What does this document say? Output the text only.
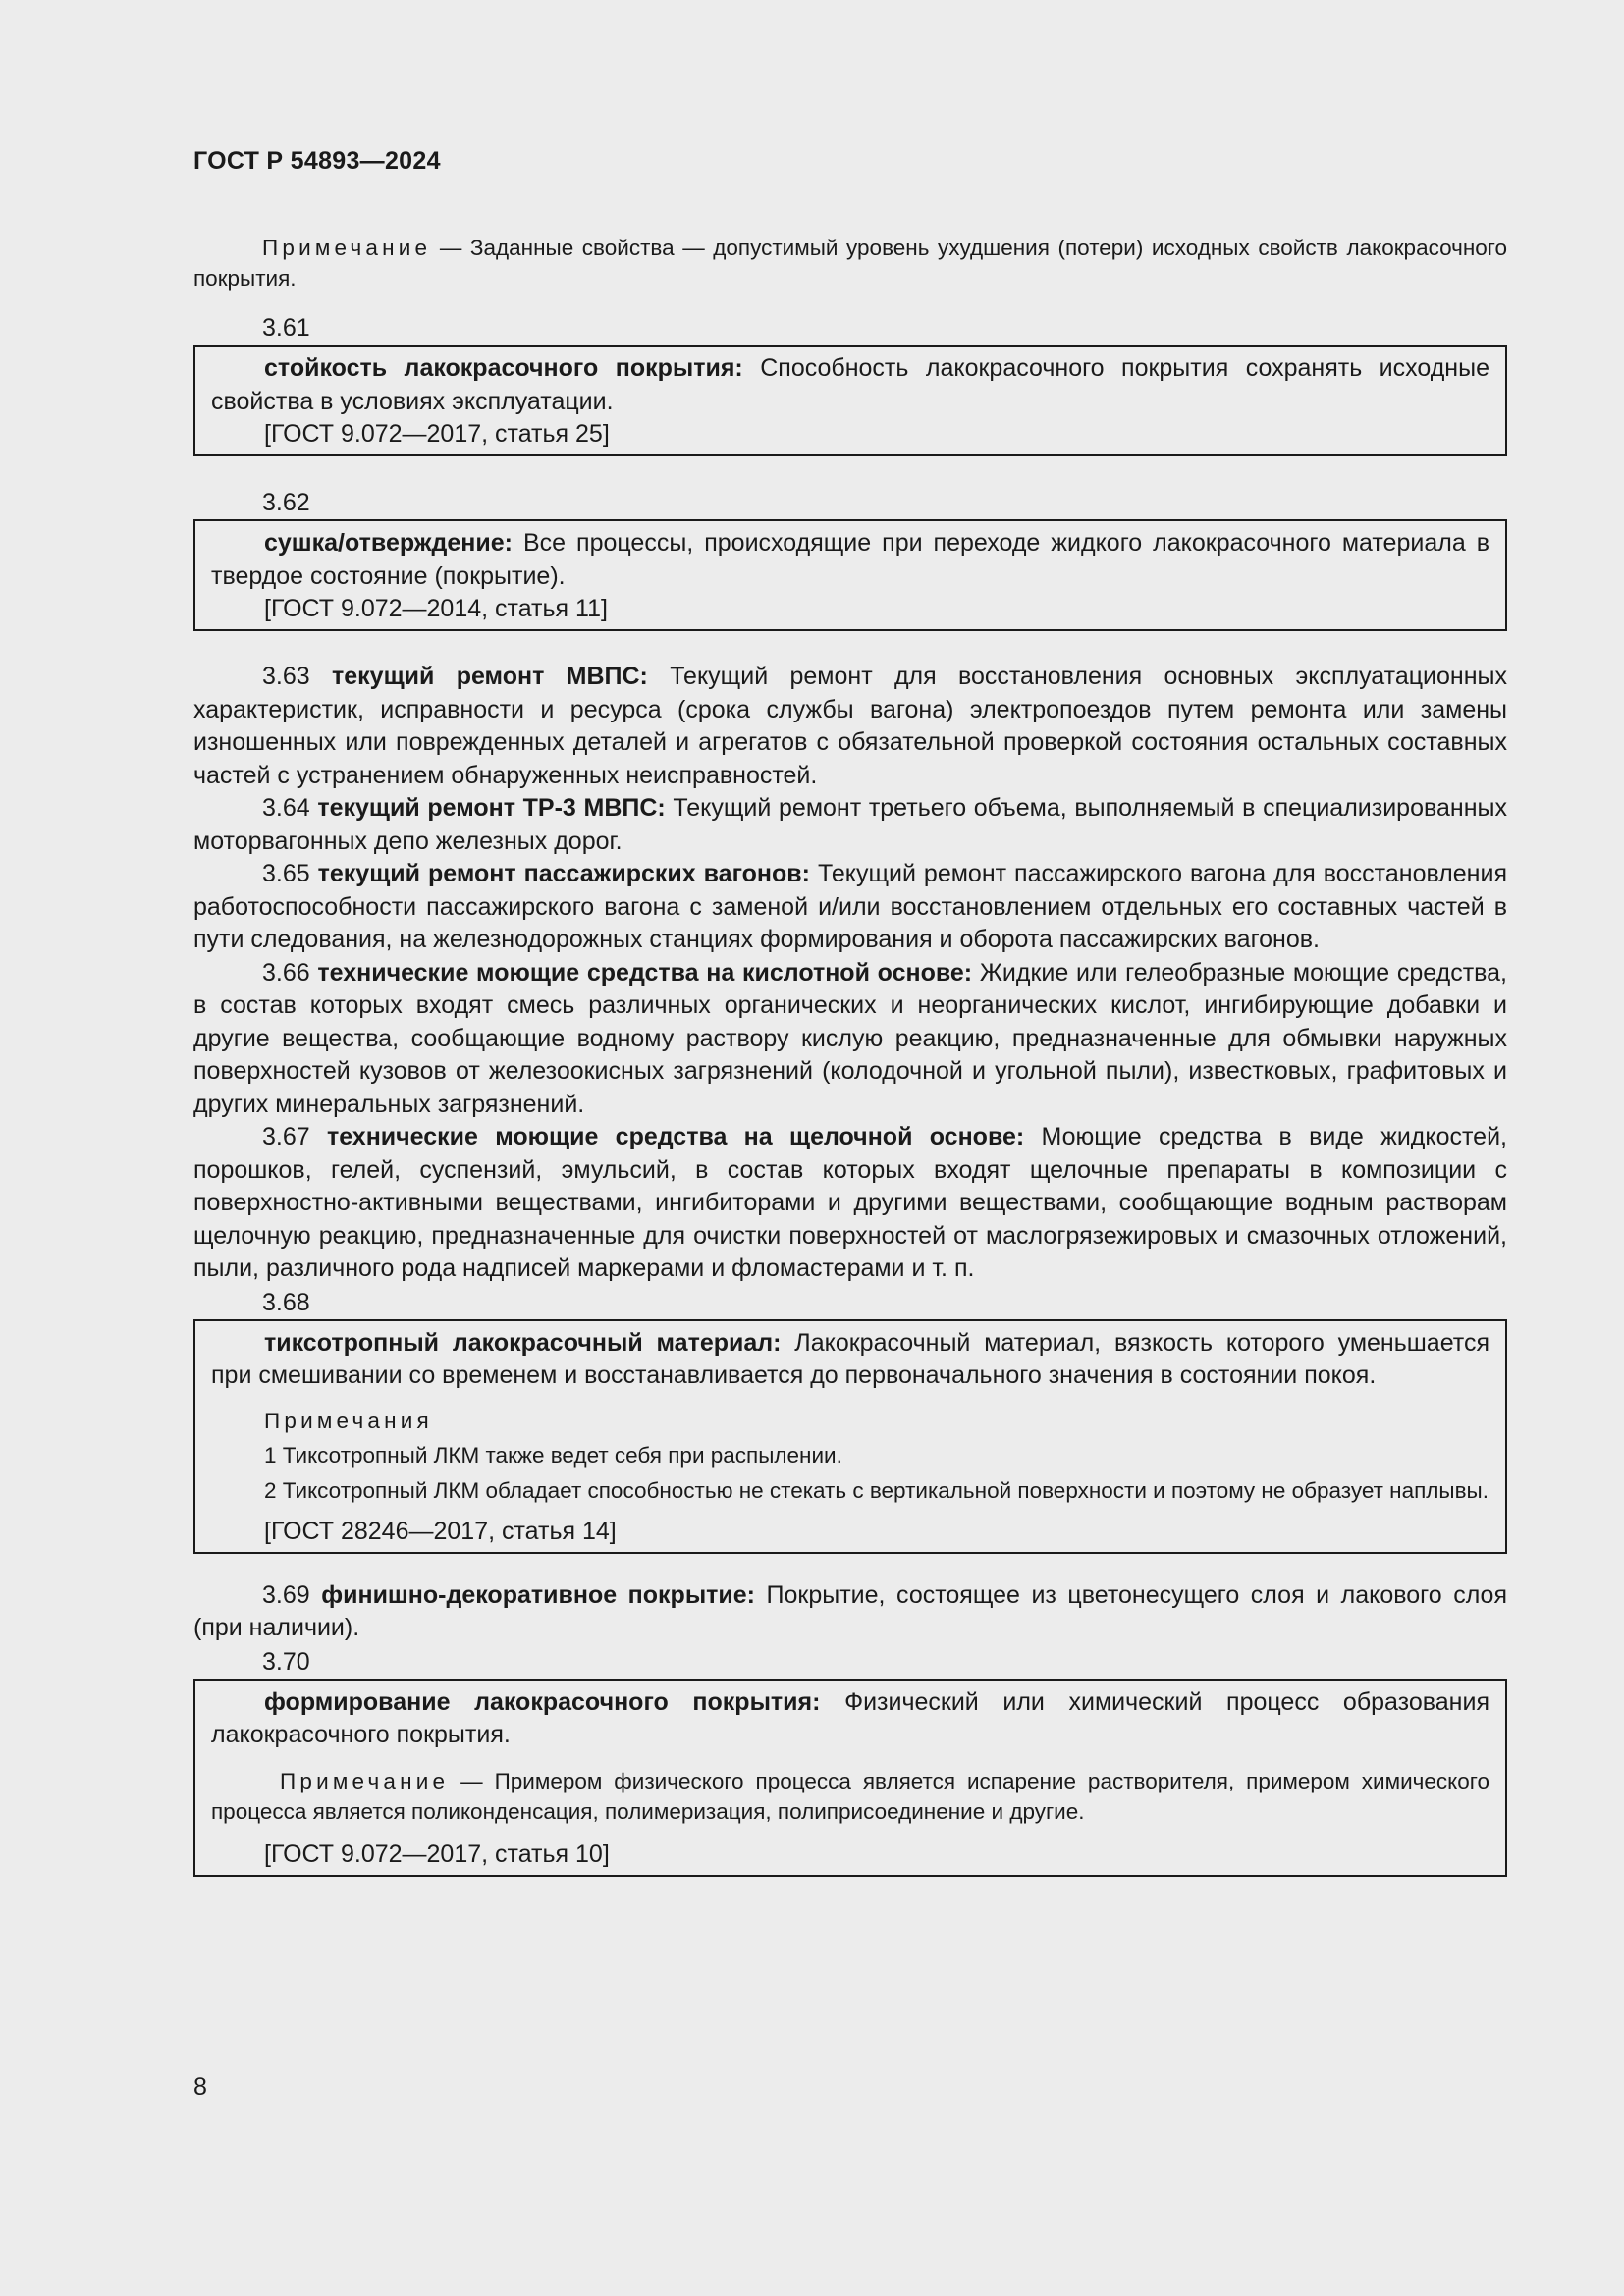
ГОСТ Р 54893—2024

Примечание — Заданные свойства — допустимый уровень ухудшения (потери) исходных свойств лакокрасочного покрытия.

3.61

стойкость лакокрасочного покрытия: Способность лакокрасочного покрытия сохранять исходные свойства в условиях эксплуатации.

[ГОСТ 9.072—2017, статья 25]

3.62

сушка/отверждение: Все процессы, происходящие при переходе жидкого лакокрасочного материала в твердое состояние (покрытие).

[ГОСТ 9.072—2014, статья 11]

3.63 текущий ремонт МВПС: Текущий ремонт для восстановления основных эксплуатационных характеристик, исправности и ресурса (срока службы вагона) электропоездов путем ремонта или замены изношенных или поврежденных деталей и агрегатов с обязательной проверкой состояния остальных составных частей с устранением обнаруженных неисправностей.

3.64 текущий ремонт ТР-3 МВПС: Текущий ремонт третьего объема, выполняемый в специализированных моторвагонных депо железных дорог.

3.65 текущий ремонт пассажирских вагонов: Текущий ремонт пассажирского вагона для восстановления работоспособности пассажирского вагона с заменой и/или восстановлением отдельных его составных частей в пути следования, на железнодорожных станциях формирования и оборота пассажирских вагонов.

3.66 технические моющие средства на кислотной основе: Жидкие или гелеобразные моющие средства, в состав которых входят смесь различных органических и неорганических кислот, ингибирующие добавки и другие вещества, сообщающие водному раствору кислую реакцию, предназначенные для обмывки наружных поверхностей кузовов от железоокисных загрязнений (колодочной и угольной пыли), известковых, графитовых и других минеральных загрязнений.

3.67 технические моющие средства на щелочной основе: Моющие средства в виде жидкостей, порошков, гелей, суспензий, эмульсий, в состав которых входят щелочные препараты в композиции с поверхностно-активными веществами, ингибиторами и другими веществами, сообщающие водным растворам щелочную реакцию, предназначенные для очистки поверхностей от маслогрязежировых и смазочных отложений, пыли, различного рода надписей маркерами и фломастерами и т. п.

3.68

тиксотропный лакокрасочный материал: Лакокрасочный материал, вязкость которого уменьшается при смешивании со временем и восстанавливается до первоначального значения в состоянии покоя.

Примечания

1 Тиксотропный ЛКМ также ведет себя при распылении.

2 Тиксотропный ЛКМ обладает способностью не стекать с вертикальной поверхности и поэтому не образует наплывы.

[ГОСТ 28246—2017, статья 14]

3.69 финишно-декоративное покрытие: Покрытие, состоящее из цветонесущего слоя и лакового слоя (при наличии).

3.70

формирование лакокрасочного покрытия: Физический или химический процесс образования лакокрасочного покрытия.

Примечание — Примером физического процесса является испарение растворителя, примером химического процесса является поликонденсация, полимеризация, полиприсоединение и другие.

[ГОСТ 9.072—2017, статья 10]

8
